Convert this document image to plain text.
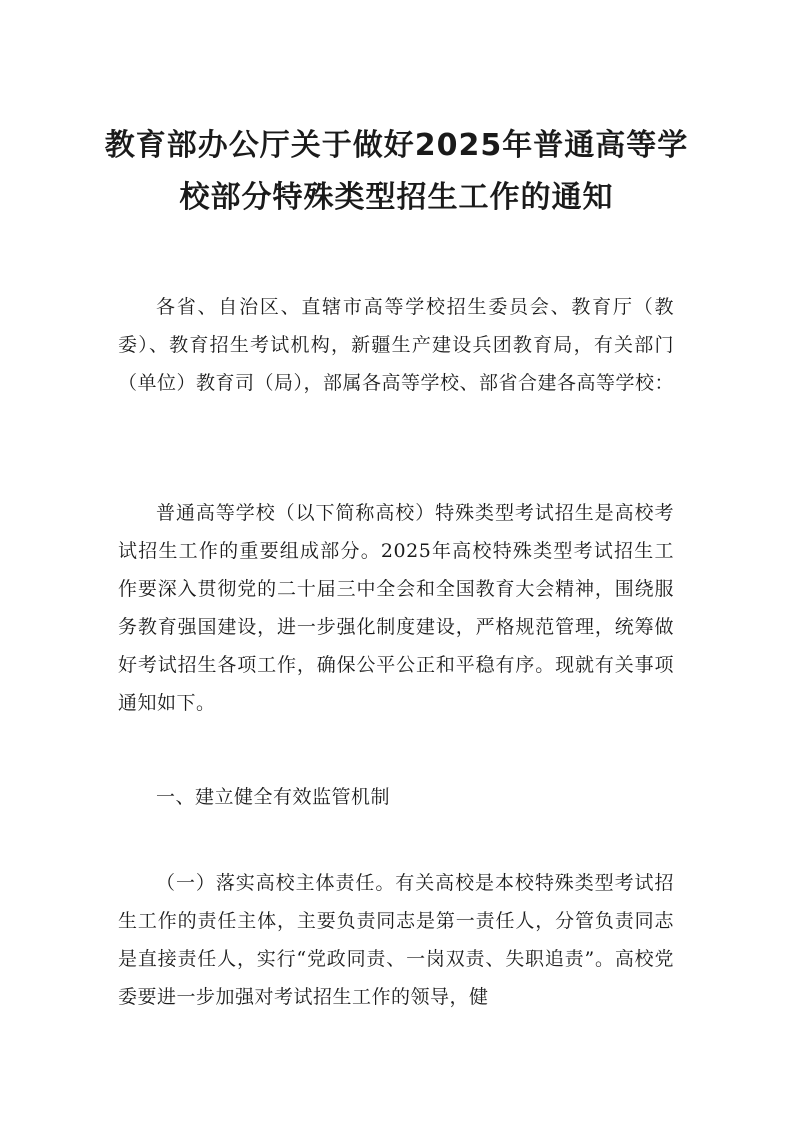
教育部办公厅关于做好2025年普通高等学
校部分特殊类型招生工作的通知

各省、自治区、直辖市高等学校招生委员会、教育厅（教委）、教育招生考试机构，新疆生产建设兵团教育局，有关部门（单位）教育司（局），部属各高等学校、部省合建各高等学校：

普通高等学校（以下简称高校）特殊类型考试招生是高校考试招生工作的重要组成部分。2025年高校特殊类型考试招生工作要深入贯彻党的二十届三中全会和全国教育大会精神，围绕服务教育强国建设，进一步强化制度建设，严格规范管理，统筹做好考试招生各项工作，确保公平公正和平稳有序。现就有关事项通知如下。

一、建立健全有效监管机制

（一）落实高校主体责任。有关高校是本校特殊类型考试招生工作的责任主体，主要负责同志是第一责任人，分管负责同志是直接责任人，实行“党政同责、一岗双责、失职追责”。高校党委要进一步加强对考试招生工作的领导，健
